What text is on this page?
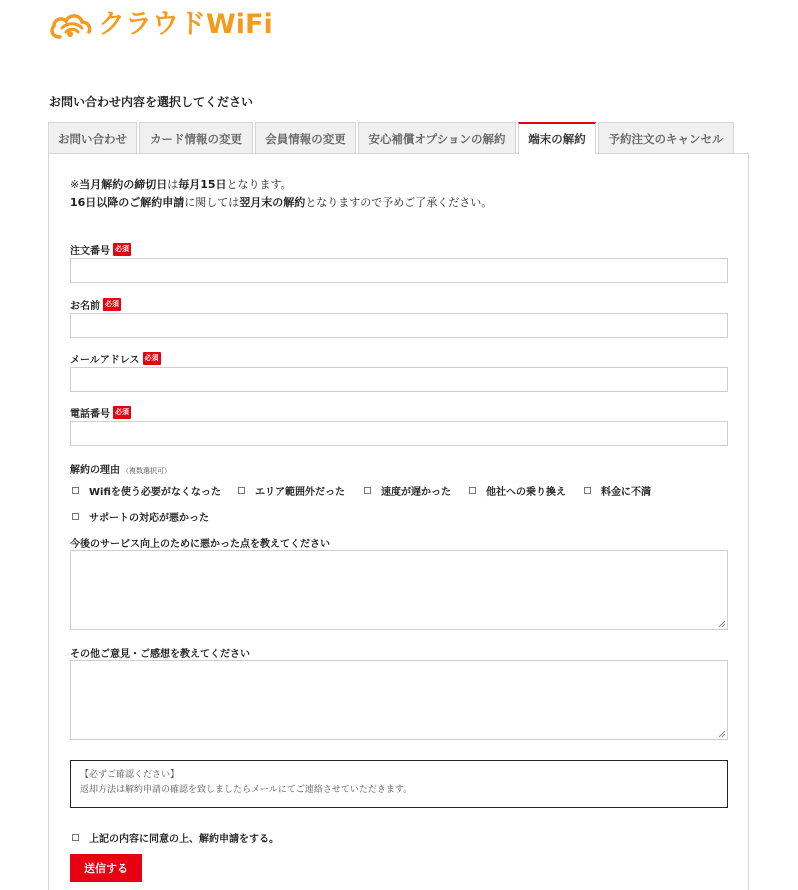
クラウドWiFi
お問い合わせ内容を選択してください
お問い合わせ	カード情報の変更	会員情報の変更	安心補償オプションの解約	端末の解約	予約注文のキャンセル
※当月解約の締切日は毎月15日となります。
16日以降のご解約申請に関しては翌月末の解約となりますので予めご了承ください。
注文番号 必須
お名前 必須
メールアドレス 必須
電話番号 必須
解約の理由 （複数選択可）
Wifiを使う必要がなくなった	エリア範囲外だった	速度が遅かった	他社への乗り換え	料金に不満
サポートの対応が悪かった
今後のサービス向上のために悪かった点を教えてください
その他ご意見・ご感想を教えてください
【必ずご確認ください】
返却方法は解約申請の確認を致しましたらメールにてご連絡させていただきます。
上記の内容に同意の上、解約申請をする。
送信する
